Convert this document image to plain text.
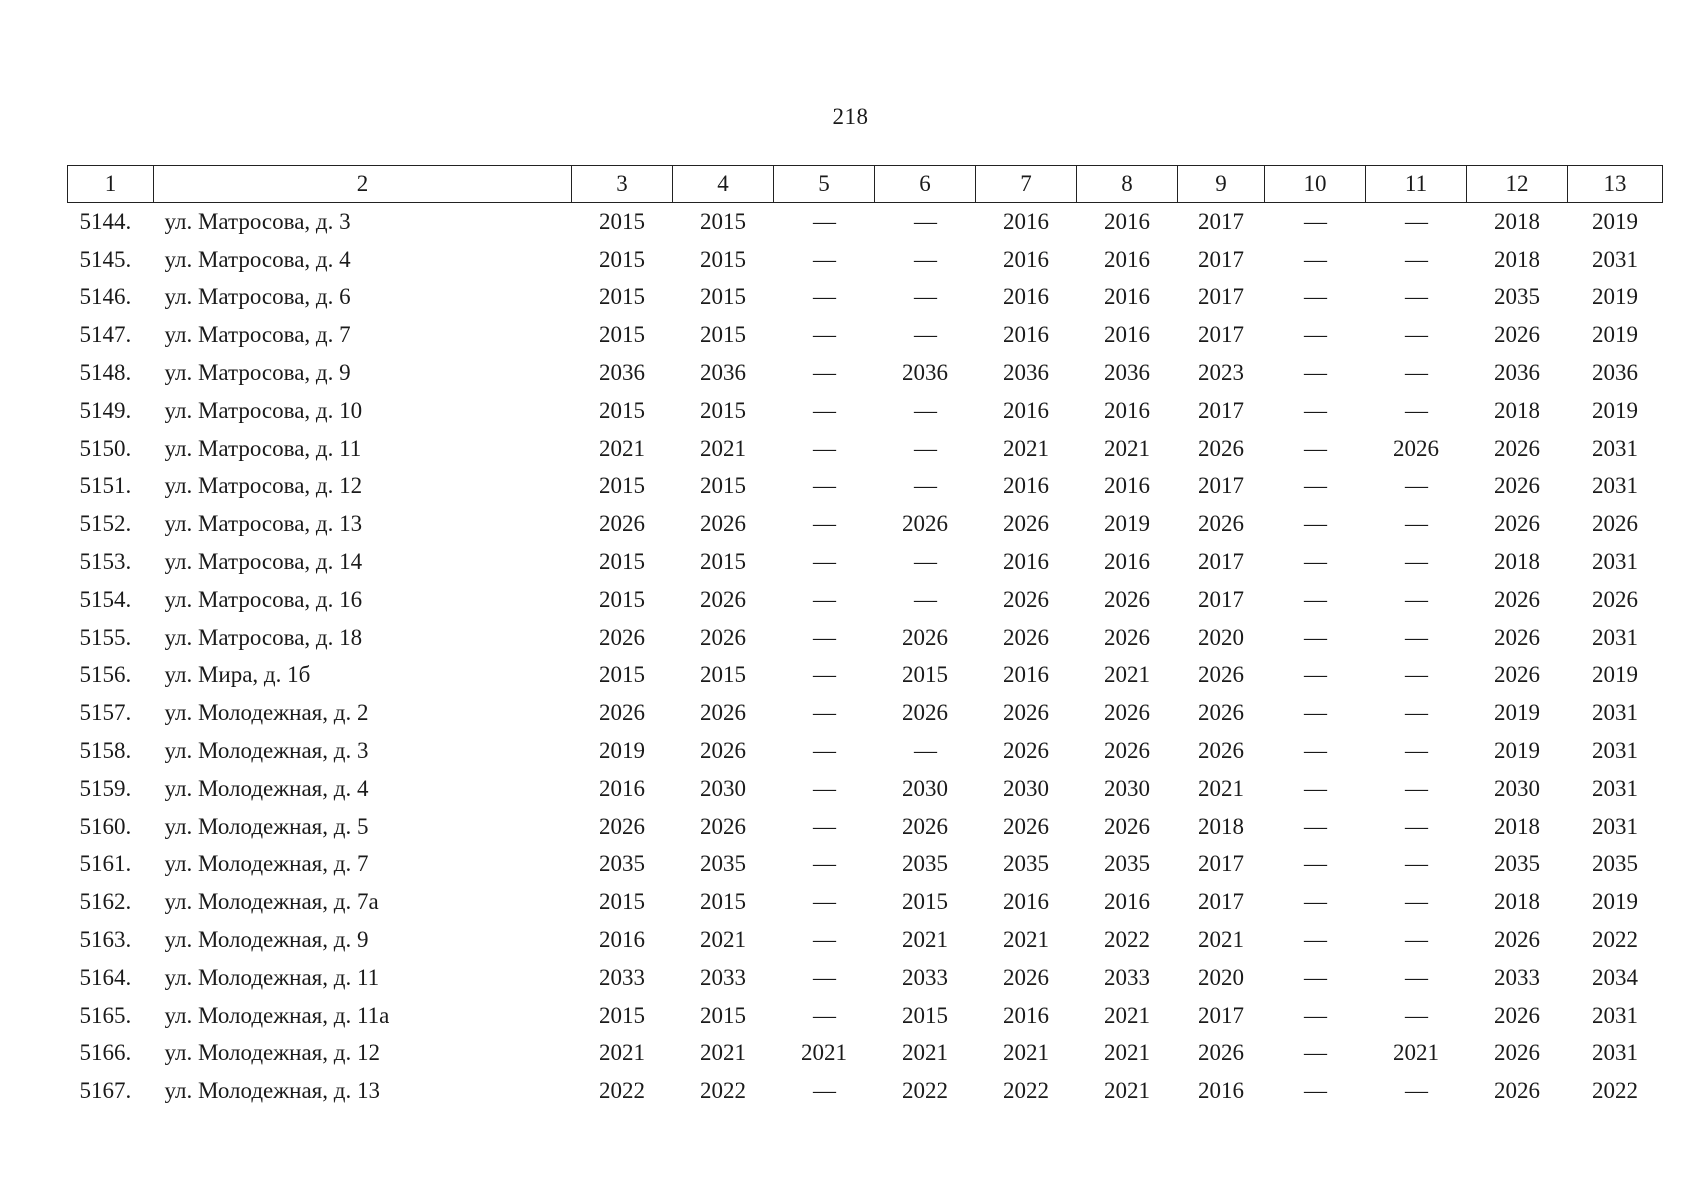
218
1	2	3	4	5	6	7	8	9	10	11	12	13
5144.	ул. Матросова, д. 3	2015	2015	—	—	2016	2016	2017	—	—	2018	2019
5145.	ул. Матросова, д. 4	2015	2015	—	—	2016	2016	2017	—	—	2018	2031
5146.	ул. Матросова, д. 6	2015	2015	—	—	2016	2016	2017	—	—	2035	2019
5147.	ул. Матросова, д. 7	2015	2015	—	—	2016	2016	2017	—	—	2026	2019
5148.	ул. Матросова, д. 9	2036	2036	—	2036	2036	2036	2023	—	—	2036	2036
5149.	ул. Матросова, д. 10	2015	2015	—	—	2016	2016	2017	—	—	2018	2019
5150.	ул. Матросова, д. 11	2021	2021	—	—	2021	2021	2026	—	2026	2026	2031
5151.	ул. Матросова, д. 12	2015	2015	—	—	2016	2016	2017	—	—	2026	2031
5152.	ул. Матросова, д. 13	2026	2026	—	2026	2026	2019	2026	—	—	2026	2026
5153.	ул. Матросова, д. 14	2015	2015	—	—	2016	2016	2017	—	—	2018	2031
5154.	ул. Матросова, д. 16	2015	2026	—	—	2026	2026	2017	—	—	2026	2026
5155.	ул. Матросова, д. 18	2026	2026	—	2026	2026	2026	2020	—	—	2026	2031
5156.	ул. Мира, д. 1б	2015	2015	—	2015	2016	2021	2026	—	—	2026	2019
5157.	ул. Молодежная, д. 2	2026	2026	—	2026	2026	2026	2026	—	—	2019	2031
5158.	ул. Молодежная, д. 3	2019	2026	—	—	2026	2026	2026	—	—	2019	2031
5159.	ул. Молодежная, д. 4	2016	2030	—	2030	2030	2030	2021	—	—	2030	2031
5160.	ул. Молодежная, д. 5	2026	2026	—	2026	2026	2026	2018	—	—	2018	2031
5161.	ул. Молодежная, д. 7	2035	2035	—	2035	2035	2035	2017	—	—	2035	2035
5162.	ул. Молодежная, д. 7а	2015	2015	—	2015	2016	2016	2017	—	—	2018	2019
5163.	ул. Молодежная, д. 9	2016	2021	—	2021	2021	2022	2021	—	—	2026	2022
5164.	ул. Молодежная, д. 11	2033	2033	—	2033	2026	2033	2020	—	—	2033	2034
5165.	ул. Молодежная, д. 11а	2015	2015	—	2015	2016	2021	2017	—	—	2026	2031
5166.	ул. Молодежная, д. 12	2021	2021	2021	2021	2021	2021	2026	—	2021	2026	2031
5167.	ул. Молодежная, д. 13	2022	2022	—	2022	2022	2021	2016	—	—	2026	2022
